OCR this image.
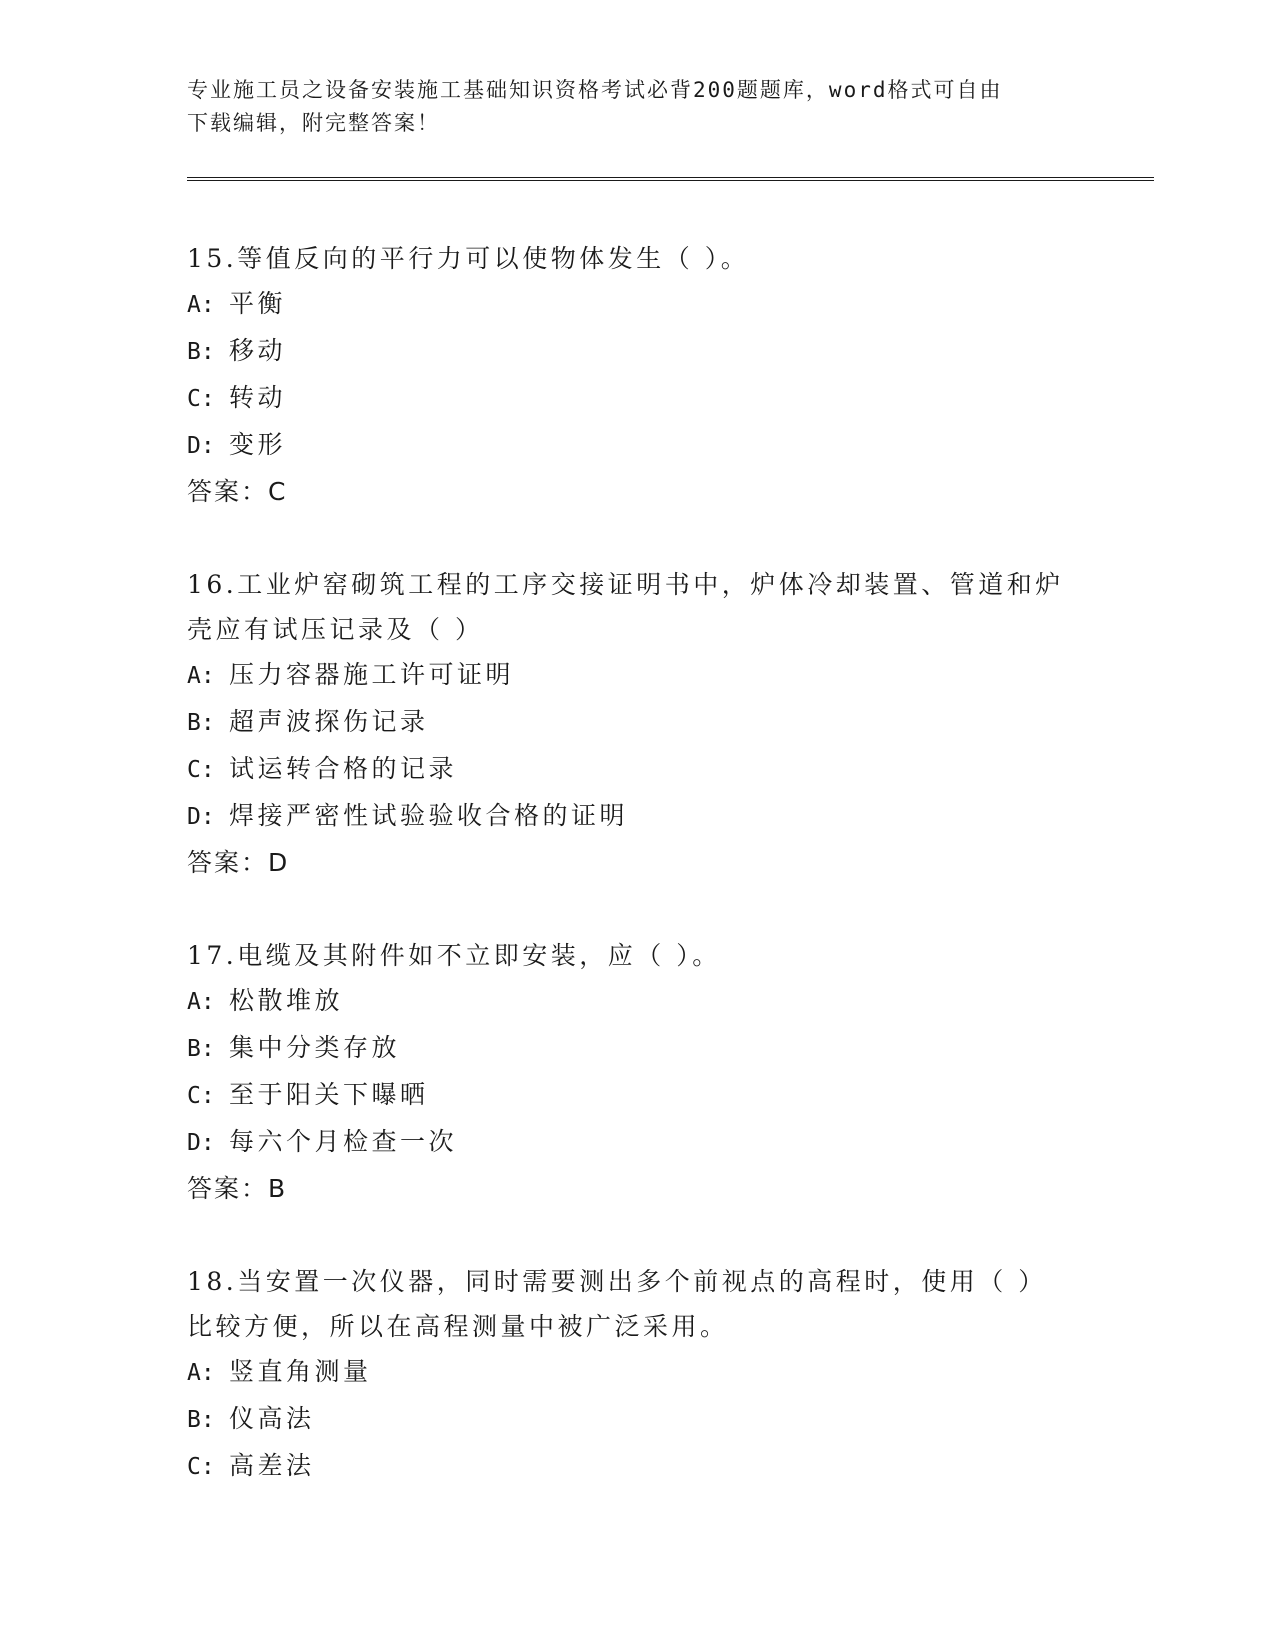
专业施工员之设备安装施工基础知识资格考试必背200题题库，word格式可自由
下载编辑，附完整答案！

15.等值反向的平行力可以使物体发生（ ）。

A: 平衡

B: 移动

C: 转动

D: 变形

答案：C

16.工业炉窑砌筑工程的工序交接证明书中，炉体冷却装置、管道和炉

壳应有试压记录及（ ）

A: 压力容器施工许可证明

B: 超声波探伤记录

C: 试运转合格的记录

D: 焊接严密性试验验收合格的证明

答案：D

17.电缆及其附件如不立即安装，应（ ）。

A: 松散堆放

B: 集中分类存放

C: 至于阳关下曝晒

D: 每六个月检查一次

答案：B

18.当安置一次仪器，同时需要测出多个前视点的高程时，使用（ ）

比较方便，所以在高程测量中被广泛采用。

A: 竖直角测量

B: 仪高法

C: 高差法
